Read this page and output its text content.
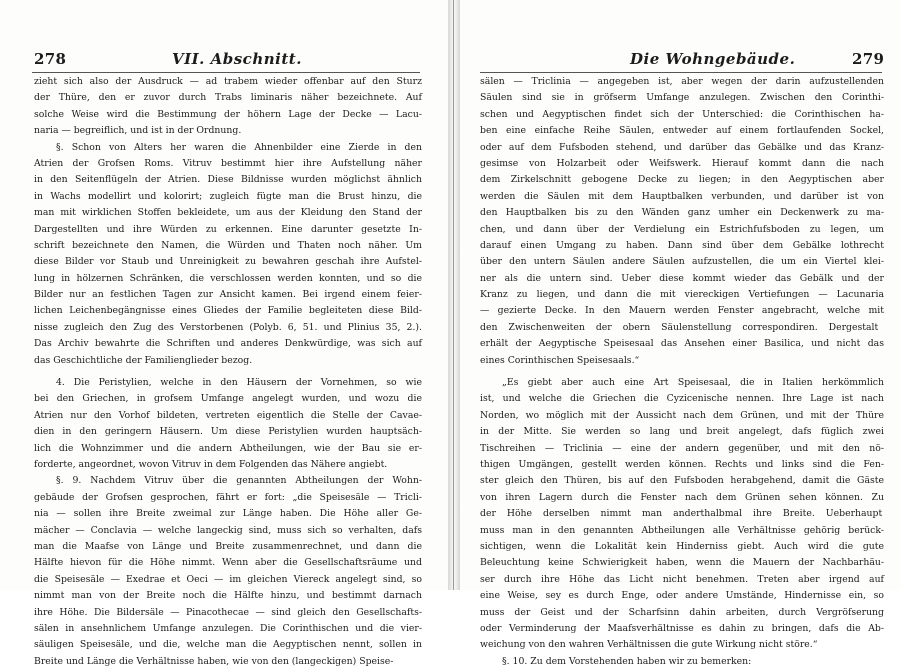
278	VII. Abschnitt.
zieht sich also der Ausdruck — ad trabem wieder offenbar auf den Sturz
der Thüre, den er zuvor durch Trabs liminaris näher bezeichnete. Auf
solche Weise wird die Bestimmung der höhern Lage der Decke — Lacu-
naria — begreiflich, und ist in der Ordnung.
§. Schon von Alters her waren die Ahnenbilder eine Zierde in den
Atrien der Grofsen Roms. Vitruv bestimmt hier ihre Aufstellung näher
in den Seitenflügeln der Atrien. Diese Bildnisse wurden möglichst ähnlich
in Wachs modellirt und kolorirt; zugleich fügte man die Brust hinzu, die
man mit wirklichen Stoffen bekleidete, um aus der Kleidung den Stand der
Dargestellten und ihre Würden zu erkennen. Eine darunter gesetzte In-
schrift bezeichnete den Namen, die Würden und Thaten noch näher. Um
diese Bilder vor Staub und Unreinigkeit zu bewahren geschah ihre Aufstel-
lung in hölzernen Schränken, die verschlossen werden konnten, und so die
Bilder nur an festlichen Tagen zur Ansicht kamen. Bei irgend einem feier-
lichen Leichenbegängnisse eines Gliedes der Familie begleiteten diese Bild-
nisse zugleich den Zug des Verstorbenen (Polyb. 6, 51. und Plinius 35, 2.).
Das Archiv bewahrte die Schriften und anderes Denkwürdige, was sich auf
das Geschichtliche der Familienglieder bezog.
4. Die Peristylien, welche in den Häusern der Vornehmen, so wie
bei den Griechen, in grofsem Umfange angelegt wurden, und wozu die
Atrien nur den Vorhof bildeten, vertreten eigentlich die Stelle der Cavae-
dien in den geringern Häusern. Um diese Peristylien wurden hauptsäch-
lich die Wohnzimmer und die andern Abtheilungen, wie der Bau sie er-
forderte, angeordnet, wovon Vitruv in dem Folgenden das Nähere angiebt.
§. 9. Nachdem Vitruv über die genannten Abtheilungen der Wohn-
gebäude der Grofsen gesprochen, fährt er fort: „die Speisesäle — Tricli-
nia — sollen ihre Breite zweimal zur Länge haben. Die Höhe aller Ge-
mächer — Conclavia — welche langeckig sind, muss sich so verhalten, dafs
man die Maafse von Länge und Breite zusammenrechnet, und dann die
Hälfte hievon für die Höhe nimmt. Wenn aber die Gesellschaftsräume und
die Speisesäle — Exedrae et Oeci — im gleichen Viereck angelegt sind, so
nimmt man von der Breite noch die Hälfte hinzu, und bestimmt darnach
ihre Höhe. Die Bildersäle — Pinacothecae — sind gleich den Gesellschafts-
sälen in ansehnlichem Umfange anzulegen. Die Corinthischen und die vier-
säuligen Speisesäle, und die, welche man die Aegyptischen nennt, sollen in
Breite und Länge die Verhältnisse haben, wie von den (langeckigen) Speise-
Die Wohngebäude.	279
sälen — Triclinia — angegeben ist, aber wegen der darin aufzustellenden
Säulen sind sie in gröfserm Umfange anzulegen. Zwischen den Corinthi-
schen und Aegyptischen findet sich der Unterschied: die Corinthischen ha-
ben eine einfache Reihe Säulen, entweder auf einem fortlaufenden Sockel,
oder auf dem Fufsboden stehend, und darüber das Gebälke und das Kranz-
gesimse von Holzarbeit oder Weifswerk. Hierauf kommt dann die nach
dem Zirkelschnitt gebogene Decke zu liegen; in den Aegyptischen aber
werden die Säulen mit dem Hauptbalken verbunden, und darüber ist von
den Hauptbalken bis zu den Wänden ganz umher ein Deckenwerk zu ma-
chen, und dann über der Verdielung ein Estrichfufsboden zu legen, um
darauf einen Umgang zu haben. Dann sind über dem Gebälke lothrecht
über den untern Säulen andere Säulen aufzustellen, die um ein Viertel klei-
ner als die untern sind. Ueber diese kommt wieder das Gebälk und der
Kranz zu liegen, und dann die mit viereckigen Vertiefungen — Lacunaria
— gezierte Decke. In den Mauern werden Fenster angebracht, welche mit
den Zwischenweiten der obern Säulenstellung correspondiren. Dergestalt
erhält der Aegyptische Speisesaal das Ansehen einer Basilica, und nicht das
eines Corinthischen Speisesaals.“
„Es giebt aber auch eine Art Speisesaal, die in Italien herkömmlich
ist, und welche die Griechen die Cyzicenische nennen. Ihre Lage ist nach
Norden, wo möglich mit der Aussicht nach dem Grünen, und mit der Thüre
in der Mitte. Sie werden so lang und breit angelegt, dafs füglich zwei
Tischreihen — Triclinia — eine der andern gegenüber, und mit den nö-
thigen Umgängen, gestellt werden können. Rechts und links sind die Fen-
ster gleich den Thüren, bis auf den Fufsboden herabgehend, damit die Gäste
von ihren Lagern durch die Fenster nach dem Grünen sehen können. Zu
der Höhe derselben nimmt man anderthalbmal ihre Breite. Ueberhaupt
muss man in den genannten Abtheilungen alle Verhältnisse gehörig berück-
sichtigen, wenn die Lokalität kein Hinderniss giebt. Auch wird die gute
Beleuchtung keine Schwierigkeit haben, wenn die Mauern der Nachbarhäu-
ser durch ihre Höhe das Licht nicht benehmen. Treten aber irgend auf
eine Weise, sey es durch Enge, oder andere Umstände, Hindernisse ein, so
muss der Geist und der Scharfsinn dahin arbeiten, durch Vergröfserung
oder Verminderung der Maafsverhältnisse es dahin zu bringen, dafs die Ab-
weichung von den wahren Verhältnissen die gute Wirkung nicht störe.“
§. 10. Zu dem Vorstehenden haben wir zu bemerken:
